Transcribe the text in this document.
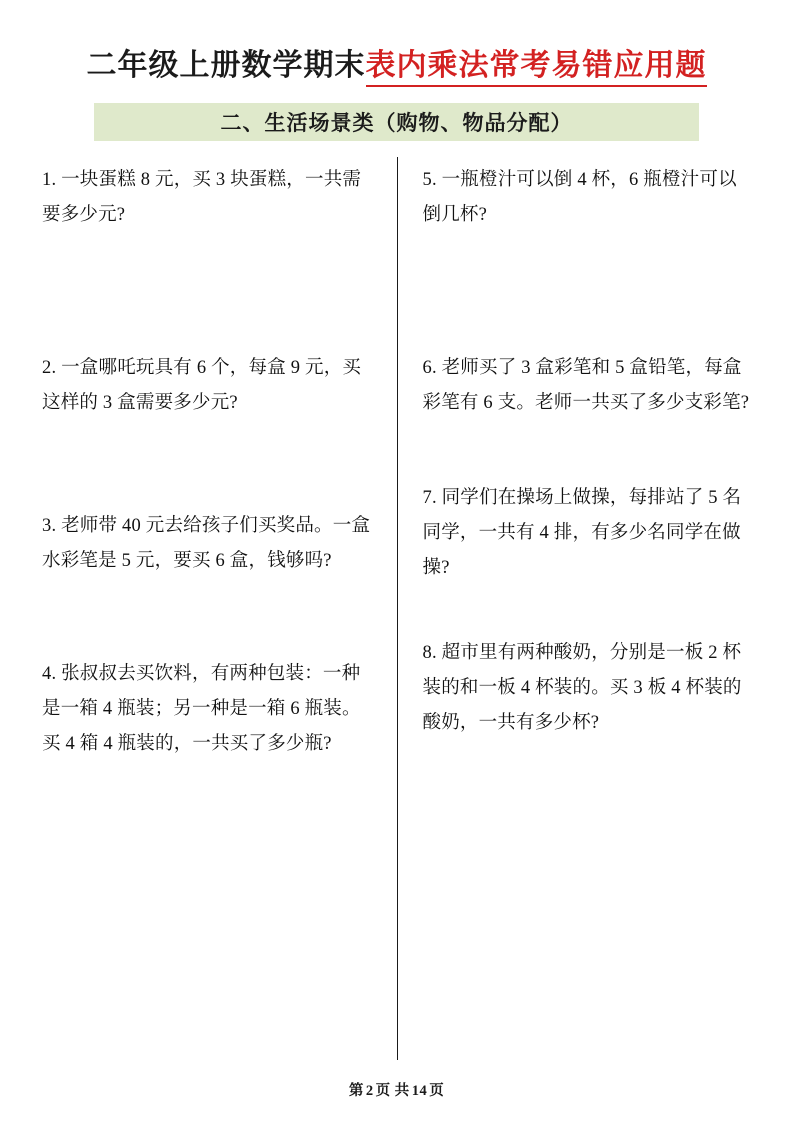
二年级上册数学期末 表内乘法常考易错应用题
二、生活场景类（购物、物品分配）
1. 一块蛋糕 8 元，买 3 块蛋糕，一共需要多少元?
2. 一盒哪吒玩具有 6 个，每盒 9 元，买这样的 3 盒需要多少元?
3. 老师带 40 元去给孩子们买奖品。一盒水彩笔是 5 元，要买 6 盒，钱够吗?
4. 张叔叔去买饮料，有两种包装：一种是一箱 4 瓶装；另一种是一箱 6 瓶装。买 4 箱 4 瓶装的，一共买了多少瓶?
5. 一瓶橙汁可以倒 4 杯，6 瓶橙汁可以倒几杯?
6. 老师买了 3 盒彩笔和 5 盒铅笔，每盒彩笔有 6 支。老师一共买了多少支彩笔?
7. 同学们在操场上做操，每排站了 5 名同学，一共有 4 排，有多少名同学在做操?
8. 超市里有两种酸奶，分别是一板 2 杯装的和一板 4 杯装的。买 3 板 4 杯装的酸奶，一共有多少杯?
第 2 页 共 14 页
